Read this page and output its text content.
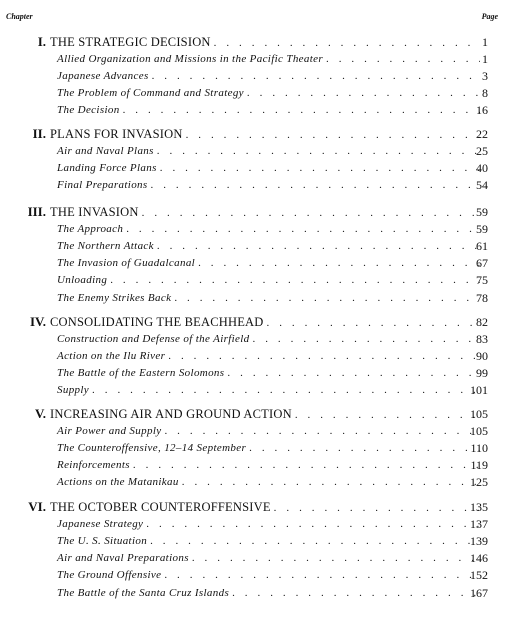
Chapter	Page
I. THE STRATEGIC DECISION . . .	1
Allied Organization and Missions in the Pacific Theater . . .	1
Japanese Advances . . .	3
The Problem of Command and Strategy . . .	8
The Decision . . .	16
II. PLANS FOR INVASION . . .	22
Air and Naval Plans . . .	25
Landing Force Plans . . .	40
Final Preparations . . .	54
III. THE INVASION . . .	59
The Approach . . .	59
The Northern Attack . . .	61
The Invasion of Guadalcanal . . .	67
Unloading . . .	75
The Enemy Strikes Back . . .	78
IV. CONSOLIDATING THE BEACHHEAD . . .	82
Construction and Defense of the Airfield . . .	83
Action on the Ilu River . . .	90
The Battle of the Eastern Solomons . . .	99
Supply . . .	101
V. INCREASING AIR AND GROUND ACTION . . .	105
Air Power and Supply . . .	105
The Counteroffensive, 12–14 September . . .	110
Reinforcements . . .	119
Actions on the Matanikau . . .	125
VI. THE OCTOBER COUNTEROFFENSIVE . . .	135
Japanese Strategy . . .	137
The U. S. Situation . . .	139
Air and Naval Preparations . . .	146
The Ground Offensive . . .	152
The Battle of the Santa Cruz Islands . . .	167
